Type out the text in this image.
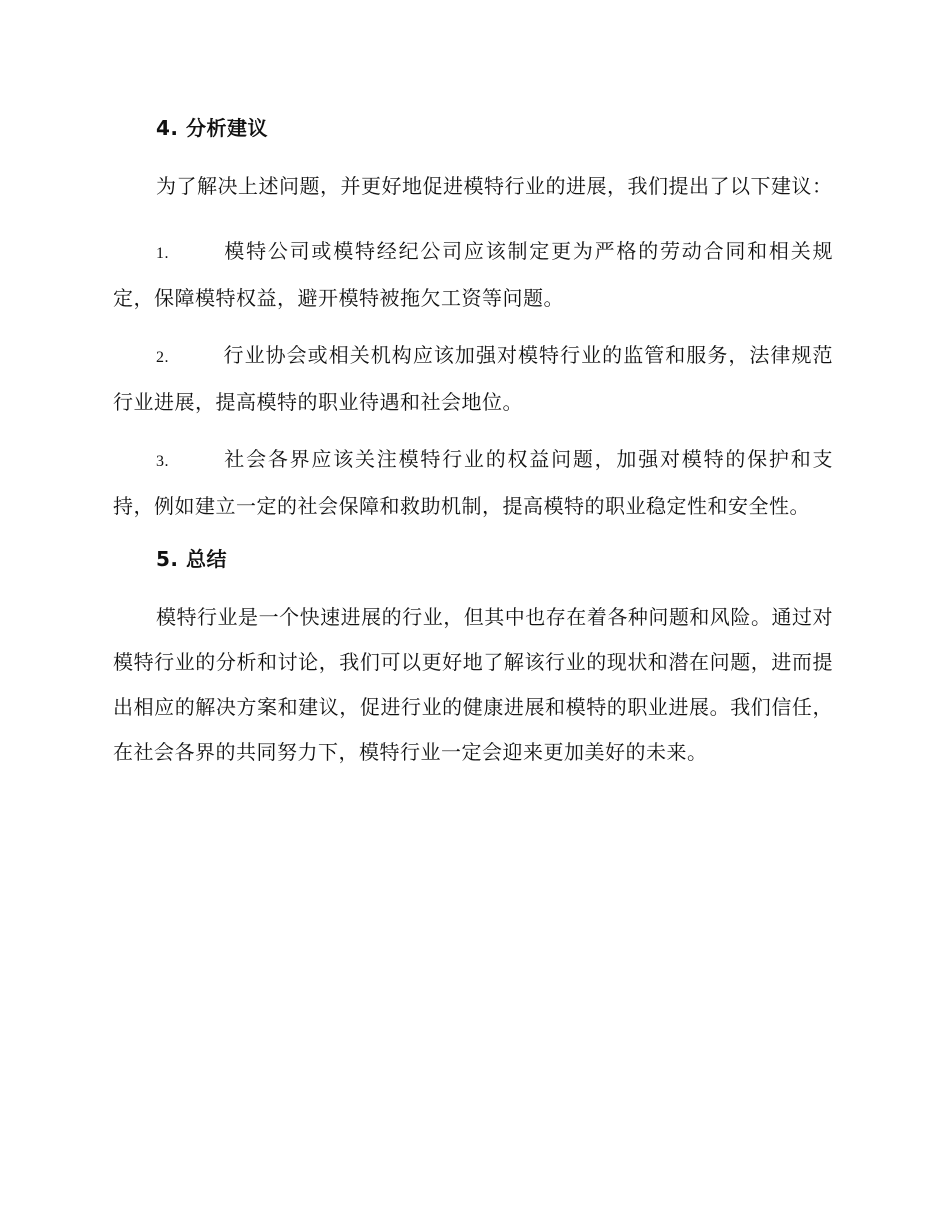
4. 分析建议

为了解决上述问题，并更好地促进模特行业的进展，我们提出了以下建议：

1.	模特公司或模特经纪公司应该制定更为严格的劳动合同和相关规定，保障模特权益，避开模特被拖欠工资等问题。

2.	行业协会或相关机构应该加强对模特行业的监管和服务，法律规范行业进展，提高模特的职业待遇和社会地位。

3.	社会各界应该关注模特行业的权益问题，加强对模特的保护和支持，例如建立一定的社会保障和救助机制，提高模特的职业稳定性和安全性。

5. 总结

模特行业是一个快速进展的行业，但其中也存在着各种问题和风险。通过对模特行业的分析和讨论，我们可以更好地了解该行业的现状和潜在问题，进而提出相应的解决方案和建议，促进行业的健康进展和模特的职业进展。我们信任，在社会各界的共同努力下，模特行业一定会迎来更加美好的未来。
